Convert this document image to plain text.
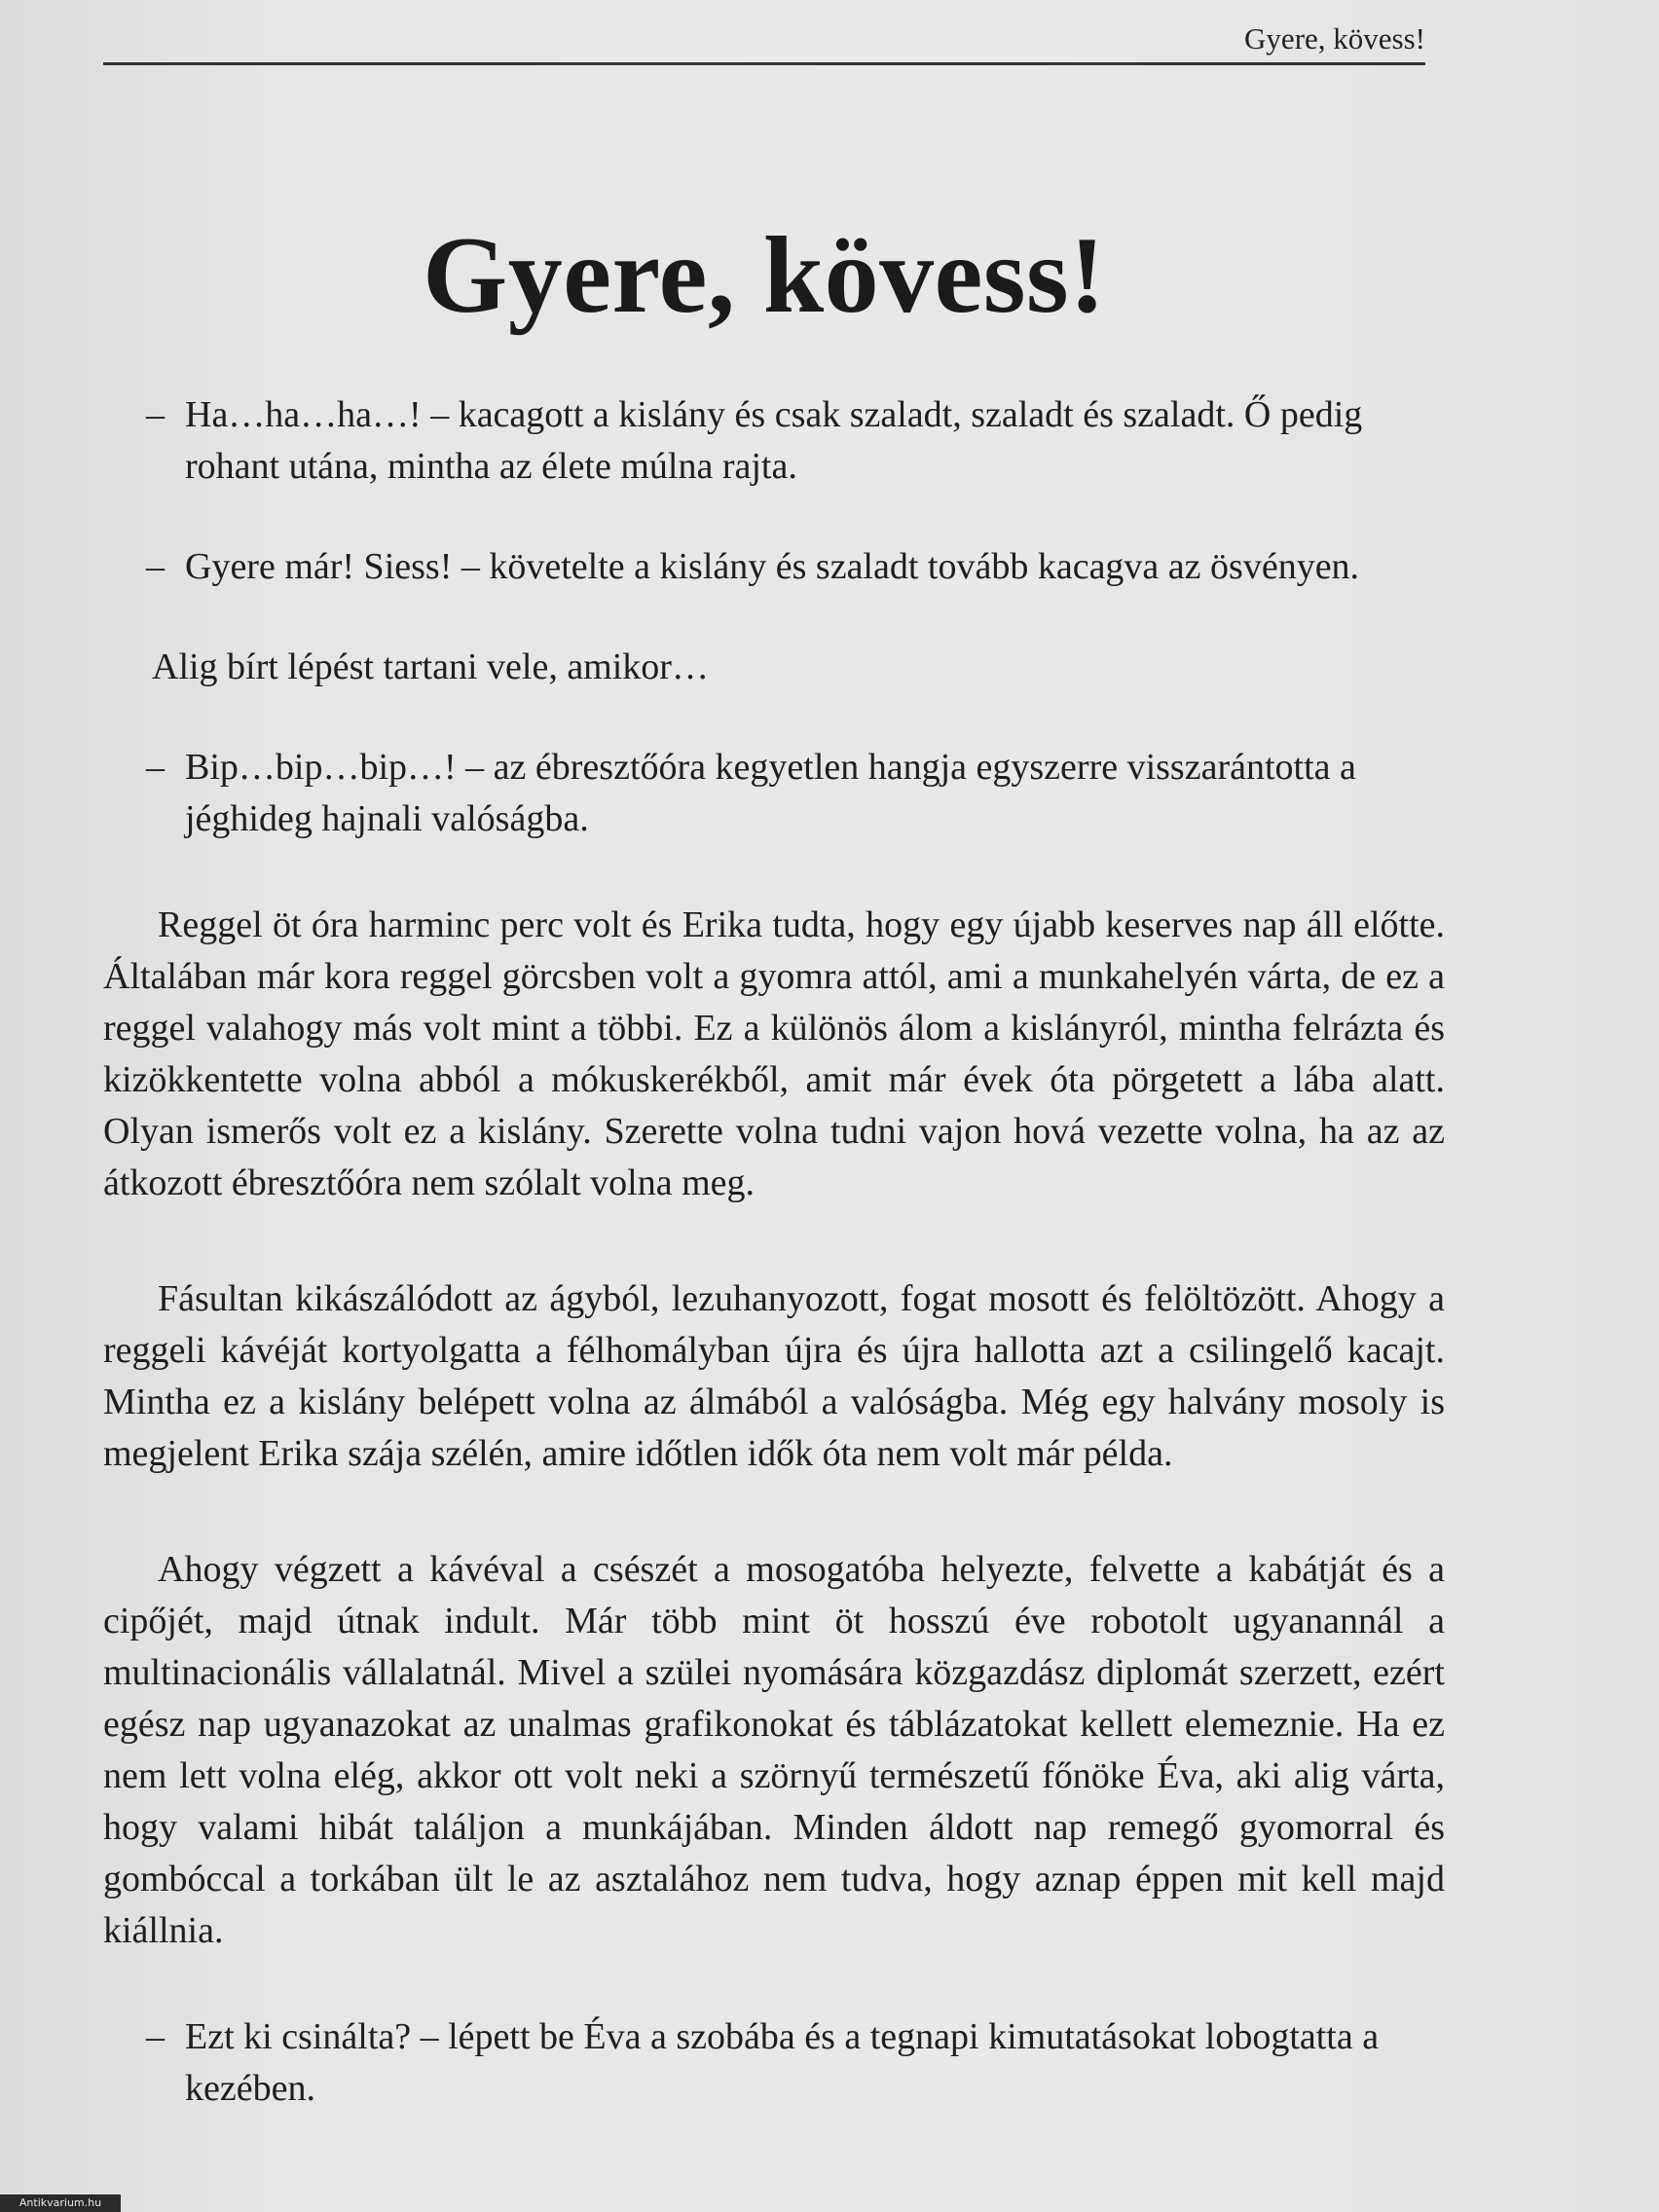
Gyere, kövess!
Gyere, kövess!

– Ha…ha…ha…! – kacagott a kislány és csak szaladt, szaladt és szaladt. Ő pedig rohant utána, mintha az élete múlna rajta.

– Gyere már! Siess! – követelte a kislány és szaladt tovább kacagva az ösvényen.

Alig bírt lépést tartani vele, amikor…

– Bip…bip…bip…! – az ébresztőóra kegyetlen hangja egyszerre visszarántotta a jéghideg hajnali valóságba.

Reggel öt óra harminc perc volt és Erika tudta, hogy egy újabb keserves nap áll előtte. Általában már kora reggel görcsben volt a gyomra attól, ami a munkahelyén várta, de ez a reggel valahogy más volt mint a többi. Ez a különös álom a kislányról, mintha felrázta és kizökkentette volna abból a mókuskerékből, amit már évek óta pörgetett a lába alatt. Olyan ismerős volt ez a kislány. Szerette volna tudni vajon hová vezette volna, ha az az átkozott ébresztőóra nem szólalt volna meg.

Fásultan kikászálódott az ágyból, lezuhanyozott, fogat mosott és felöltözött. Ahogy a reggeli kávéját kortyolgatta a félhomályban újra és újra hallotta azt a csilingelő kacajt. Mintha ez a kislány belépett volna az álmából a valóságba. Még egy halvány mosoly is megjelent Erika szája szélén, amire időtlen idők óta nem volt már példa.

Ahogy végzett a kávéval a csészét a mosogatóba helyezte, felvette a kabátját és a cipőjét, majd útnak indult. Már több mint öt hosszú éve robotolt ugyanannál a multinacionális vállalatnál. Mivel a szülei nyomására közgazdász diplomát szerzett, ezért egész nap ugyanazokat az unalmas grafikonokat és táblázatokat kellett elemeznie. Ha ez nem lett volna elég, akkor ott volt neki a szörnyű természetű főnöke Éva, aki alig várta, hogy valami hibát találjon a munkájában. Minden áldott nap remegő gyomorral és gombóccal a torkában ült le az asztalához nem tudva, hogy aznap éppen mit kell majd kiállnia.

– Ezt ki csinálta? – lépett be Éva a szobába és a tegnapi kimutatásokat lobogtatta a kezében.

Antikvarium.hu
